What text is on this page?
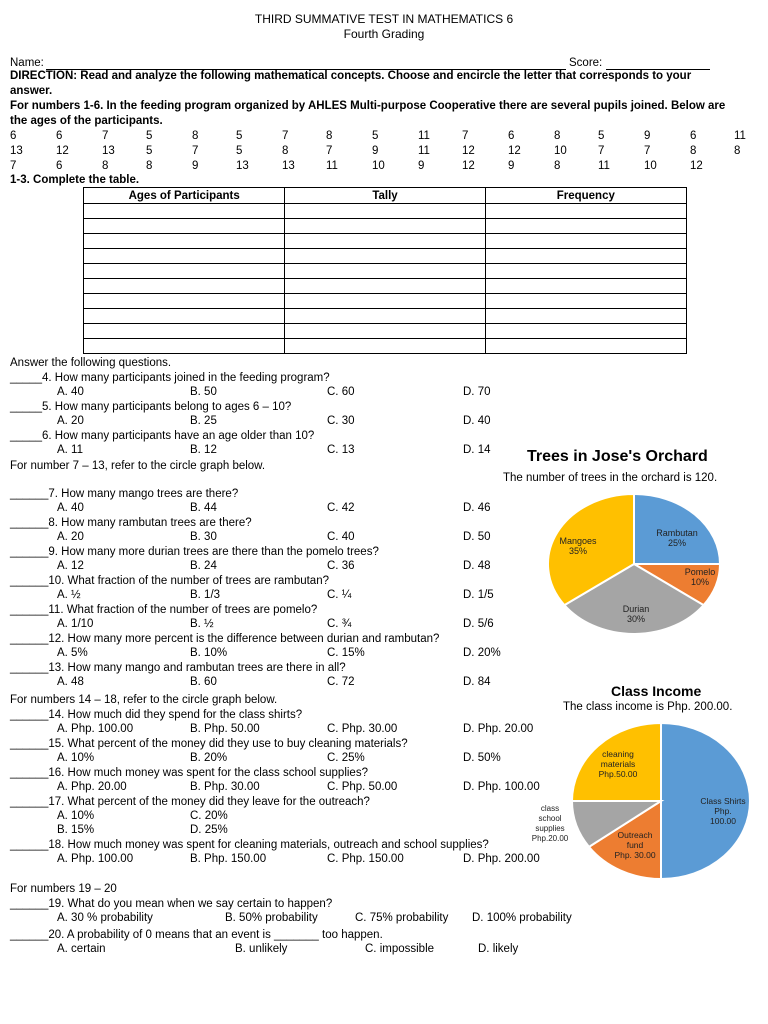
THIRD SUMMATIVE TEST IN MATHEMATICS 6
Fourth Grading
Name:	Score:
DIRECTION: Read and analyze the following mathematical concepts. Choose and encircle the letter that corresponds to your
answer.
For numbers 1-6. In the feeding program organized by AHLES Multi-purpose Cooperative there are several pupils joined. Below are
the ages of the participants.
6	6	7	5	8	5	7	8	5	11	7	6	8	5	9	6	11
13	12	13	5	7	5	8	7	9	11	12	12	10	7	7	8	8
7	6	8	8	9	13	13	11	10	9	12	9	8	11	10	12
1-3. Complete the table.
Ages of Participants	Tally	Frequency

Answer the following questions.
_____4. How many participants joined in the feeding program?
A. 40	B. 50	C. 60	D. 70
_____5. How many participants belong to ages 6 – 10?
A. 20	B. 25	C. 30	D. 40
_____6. How many participants have an age older than 10?
A. 11	B. 12	C. 13	D. 14
For number 7 – 13, refer to the circle graph below.
______7. How many mango trees are there?
A. 40	B. 44	C. 42	D. 46
______8. How many rambutan trees are there?
A. 20	B. 30	C. 40	D. 50
______9. How many more durian trees are there than the pomelo trees?
A. 12	B. 24	C. 36	D. 48
______10. What fraction of the number of trees are rambutan?
A. ½	B. 1/3	C. ¼	D. 1/5
______11. What fraction of the number of trees are pomelo?
A. 1/10	B. ½	C. ¾	D. 5/6
______12. How many more percent is the difference between durian and rambutan?
A. 5%	B. 10%	C. 15%	D. 20%
______13. How many mango and rambutan trees are there in all?
A. 48	B. 60	C. 72	D. 84
For numbers 14 – 18, refer to the circle graph below.
______14. How much did they spend for the class shirts?
A. Php. 100.00	B. Php. 50.00	C. Php. 30.00	D. Php. 20.00
______15. What percent of the money did they use to buy cleaning materials?
A. 10%	B. 20%	C. 25%	D. 50%
______16. How much money was spent for the class school supplies?
A. Php. 20.00	B. Php. 30.00	C. Php. 50.00	D. Php. 100.00
______17. What percent of the money did they leave for the outreach?
A. 10%	C. 20%
B. 15%	D. 25%
______18. How much money was spent for cleaning materials, outreach and school supplies?
A. Php. 100.00	B. Php. 150.00	C. Php. 150.00	D. Php. 200.00
For numbers 19 – 20
______19. What do you mean when we say certain to happen?
A. 30 % probability	B. 50% probability	C. 75% probability D. 100% probability
______20. A probability of 0 means that an event is _______ too happen.
A. certain	B. unlikely	C. impossible	D. likely
Trees in Jose's Orchard
The number of trees in the orchard is 120.
Rambutan
25%
Pomelo
10%
Durian
30%
Mangoes
35%
Class Income
The class income is Php. 200.00.
Class Shirts
Php.
100.00
Outreach
fund
Php. 30.00
class
school
supplies
Php.20.00
cleaning
materials
Php.50.00
